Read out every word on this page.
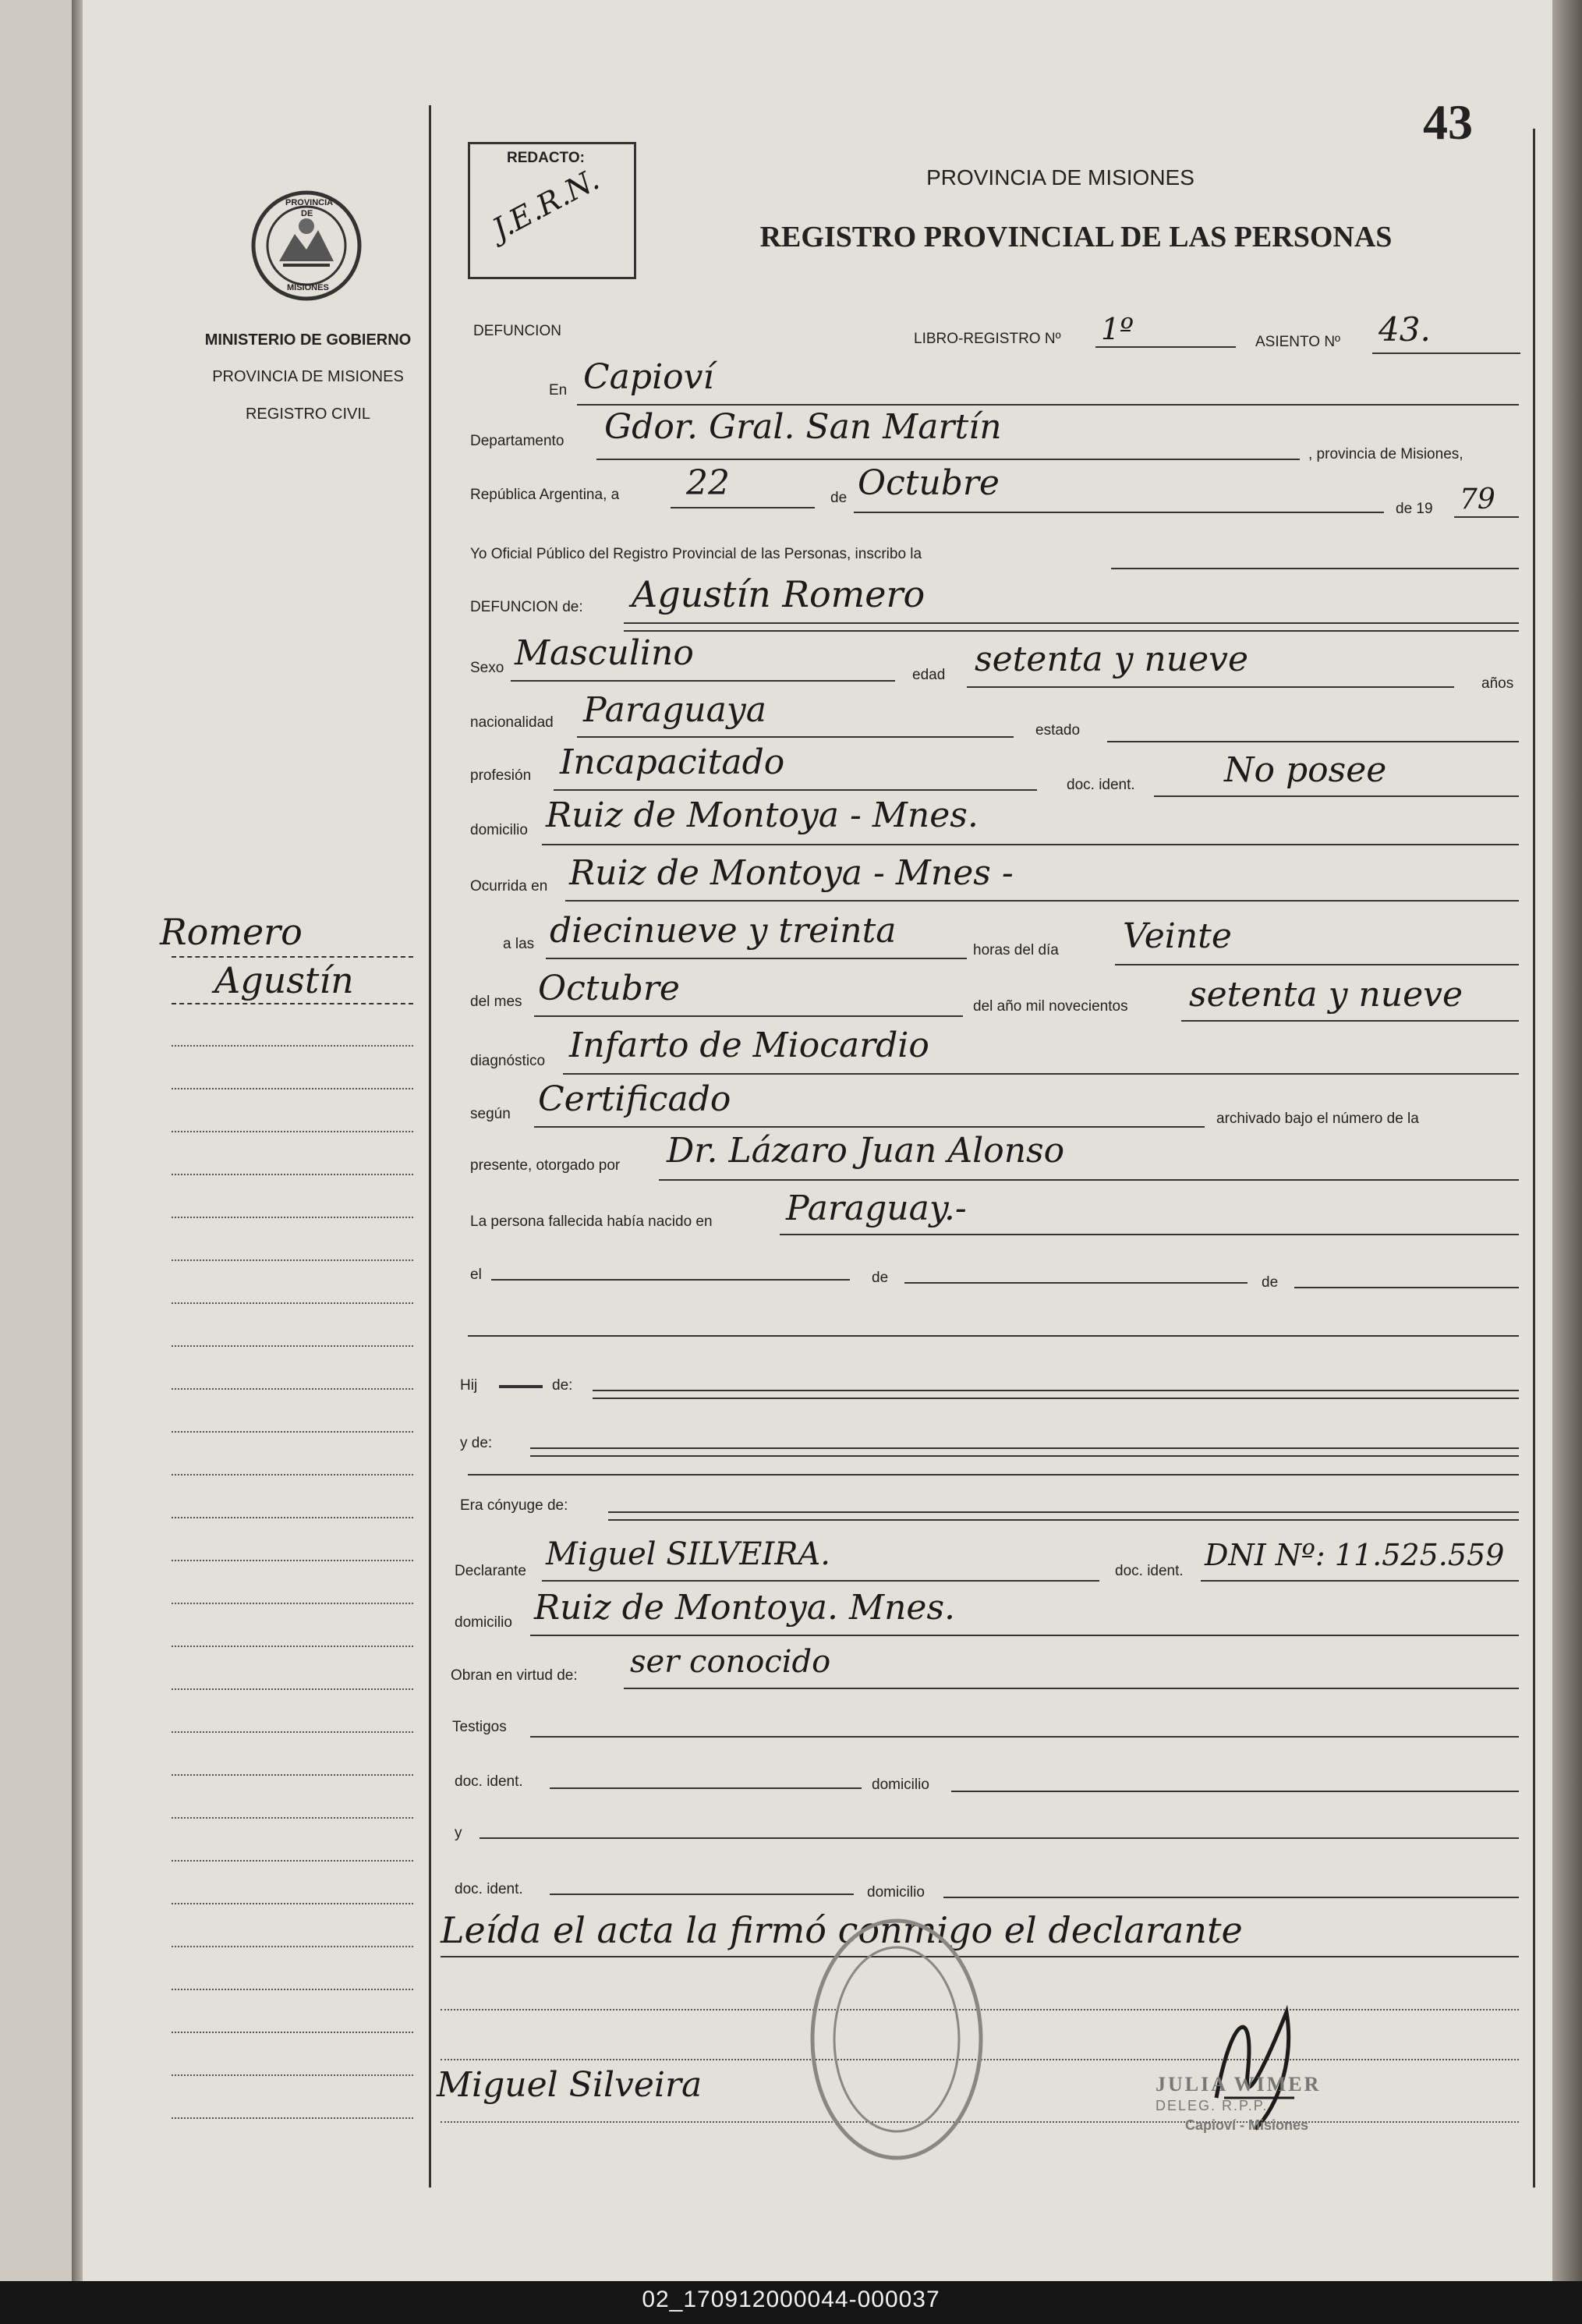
43
REDACTO:
J.E.R.N.	PROVINCIA DE MISIONES
REGISTRO PROVINCIAL DE LAS PERSONAS
PROVINCIA
DE
MISIONES
MINISTERIO DE GOBIERNO
PROVINCIA DE MISIONES
REGISTRO CIVIL
Romero
Agustín
DEFUNCION	LIBRO-REGISTRO Nº 1º	ASIENTO Nº 43.
En Capioví
Departamento Gdor. Gral. San Martín
, provincia de Misiones,
República Argentina, a 22	de Octubre
de 19 79
Yo Oficial Público del Registro Provincial de las Personas, inscribo la
DEFUNCION de: Agustín Romero
Sexo Masculino
edad setenta y nueve
años
nacionalidad Paraguaya
estado
profesión Incapacitado
doc. ident.	No posee
domicilio Ruiz de Montoya - Mnes.
Ocurrida en Ruiz de Montoya - Mnes -
a las diecinueve y treinta	horas del día Veinte
del mes Octubre	del año mil novecientos setenta y nueve
diagnóstico Infarto de Miocardio
según Certificado	archivado bajo el número de la
presente, otorgado por Dr. Lázaro Juan Alonso
La persona fallecida había nacido en Paraguay.-
el	de	de
Hij	de:
y de:
Era cónyuge de:
Declarante Miguel SILVEIRA.	doc. ident. DNI Nº: 11.525.559
domicilio Ruiz de Montoya. Mnes.
Obran en virtud de: ser conocido
Testigos
doc. ident.	domicilio
y
doc. ident.	domicilio
Leída el acta la firmó conmigo el declarante
Miguel Silveira	JULIA WIMER
DELEG. R.P.P.
Capioví - Misiones
02_170912000044-000037
